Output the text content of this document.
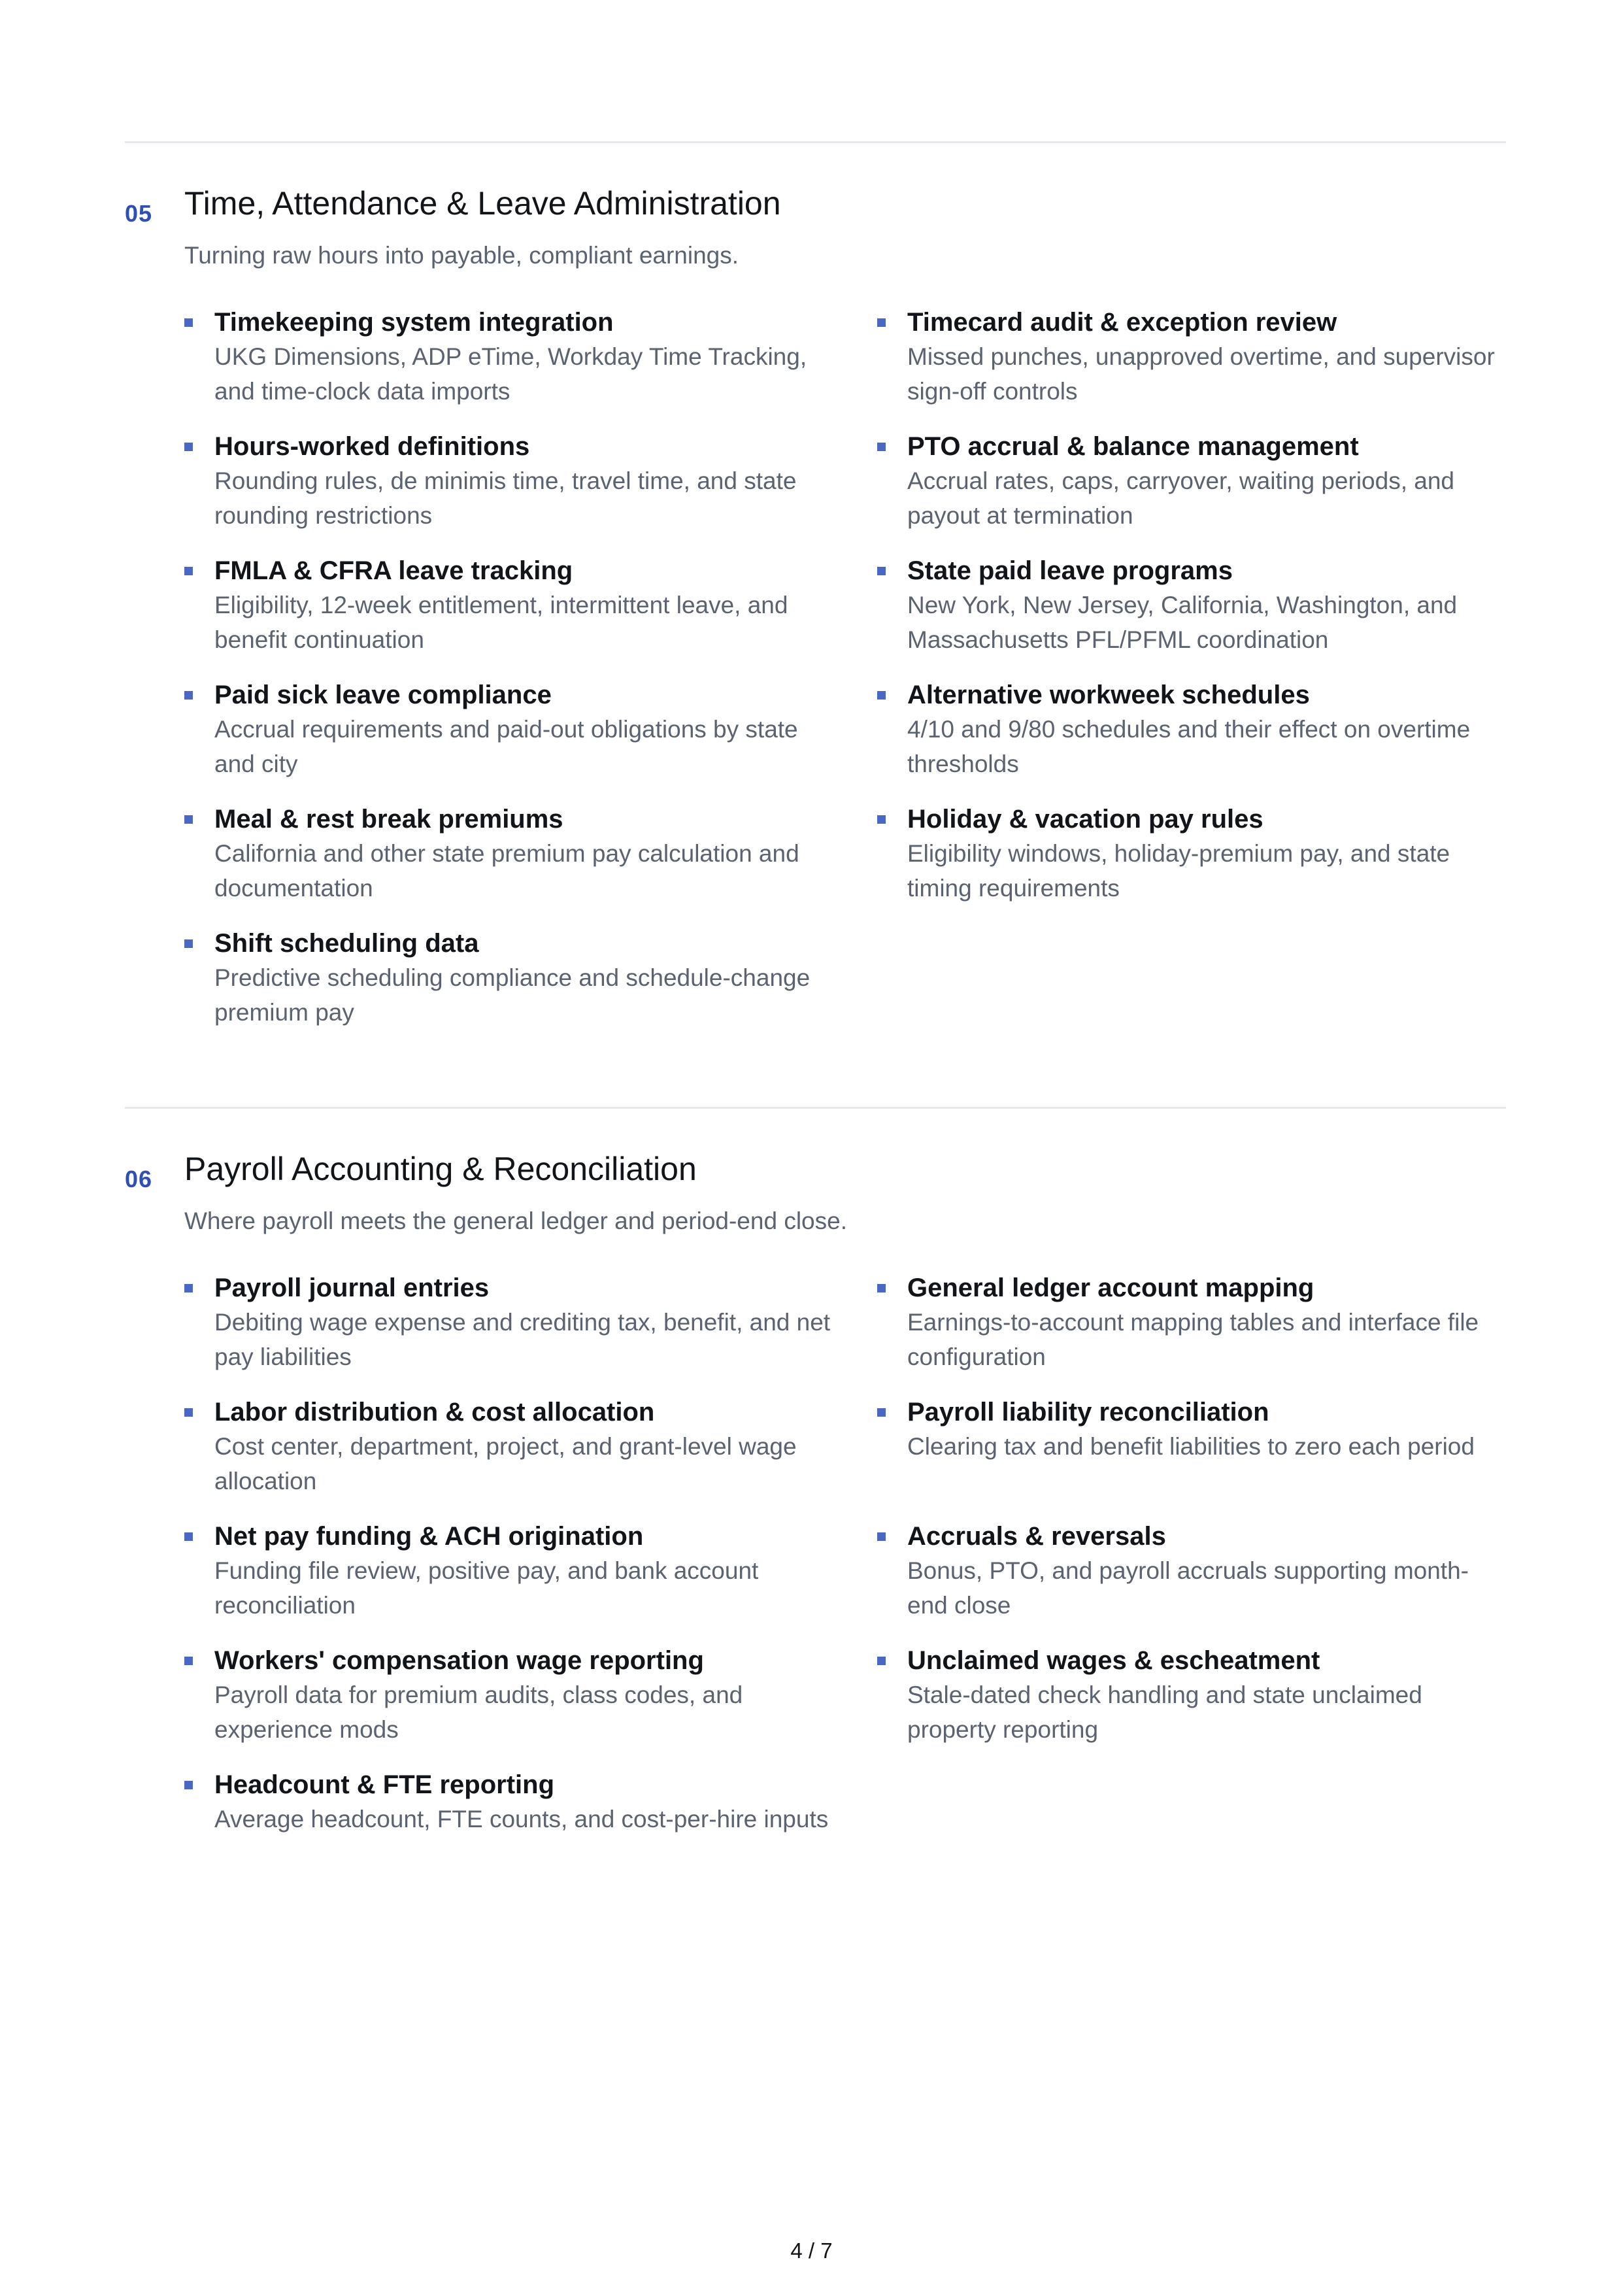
05 Time, Attendance & Leave Administration
Turning raw hours into payable, compliant earnings.
Timekeeping system integration
UKG Dimensions, ADP eTime, Workday Time Tracking, and time-clock data imports
Timecard audit & exception review
Missed punches, unapproved overtime, and supervisor sign-off controls
Hours-worked definitions
Rounding rules, de minimis time, travel time, and state rounding restrictions
PTO accrual & balance management
Accrual rates, caps, carryover, waiting periods, and payout at termination
FMLA & CFRA leave tracking
Eligibility, 12-week entitlement, intermittent leave, and benefit continuation
State paid leave programs
New York, New Jersey, California, Washington, and Massachusetts PFL/PFML coordination
Paid sick leave compliance
Accrual requirements and paid-out obligations by state and city
Alternative workweek schedules
4/10 and 9/80 schedules and their effect on overtime thresholds
Meal & rest break premiums
California and other state premium pay calculation and documentation
Holiday & vacation pay rules
Eligibility windows, holiday-premium pay, and state timing requirements
Shift scheduling data
Predictive scheduling compliance and schedule-change premium pay
06 Payroll Accounting & Reconciliation
Where payroll meets the general ledger and period-end close.
Payroll journal entries
Debiting wage expense and crediting tax, benefit, and net pay liabilities
General ledger account mapping
Earnings-to-account mapping tables and interface file configuration
Labor distribution & cost allocation
Cost center, department, project, and grant-level wage allocation
Payroll liability reconciliation
Clearing tax and benefit liabilities to zero each period
Net pay funding & ACH origination
Funding file review, positive pay, and bank account reconciliation
Accruals & reversals
Bonus, PTO, and payroll accruals supporting month-end close
Workers' compensation wage reporting
Payroll data for premium audits, class codes, and experience mods
Unclaimed wages & escheatment
Stale-dated check handling and state unclaimed property reporting
Headcount & FTE reporting
Average headcount, FTE counts, and cost-per-hire inputs
4 / 7
